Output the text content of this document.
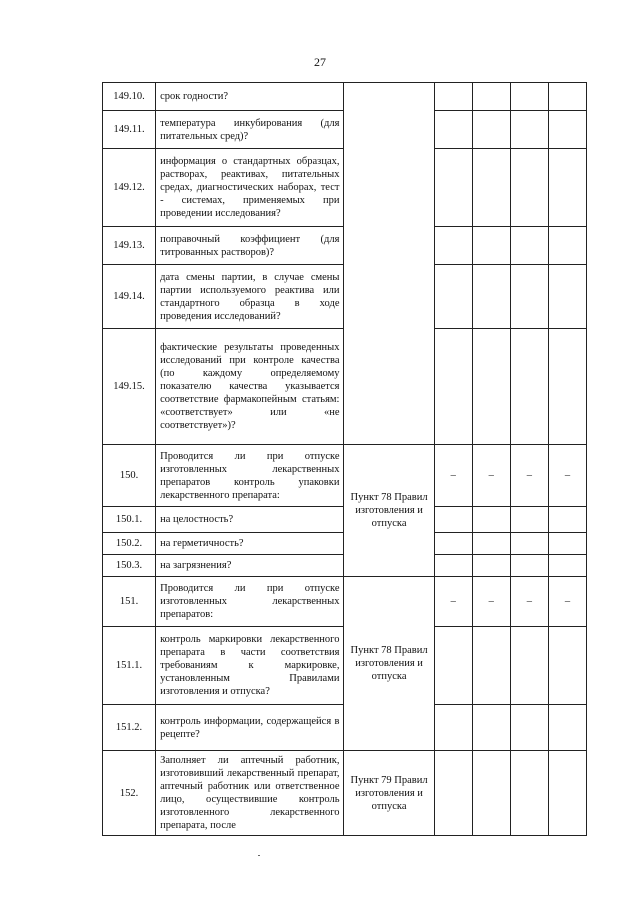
27
149.10.	срок годности?					
149.11.	температура инкубирования (для питательных сред)?					
149.12.	информация о стандартных образцах, растворах, реактивах, питательных средах, диагностических наборах, тест - системах, применяемых при проведении исследования?					
149.13.	поправочный коэффициент (для титрованных растворов)?					
149.14.	дата смены партии, в случае смены партии используемого реактива или стандартного образца в ходе проведения исследований?					
149.15.	фактические результаты проведенных исследований при контроле качества (по каждому определяемому показателю качества указывается соответствие фармакопейным статьям: «соответствует» или «не соответствует»)?					
150.	Проводится ли при отпуске изготовленных лекарственных препаратов контроль упаковки лекарственного препарата:	Пункт 78 Правил изготовления и отпуска	–	–	–	–
150.1.	на целостность?					
150.2.	на герметичность?					
150.3.	на загрязнения?					
151.	Проводится ли при отпуске изготовленных лекарственных препаратов:	Пункт 78 Правил изготовления и отпуска	–	–	–	–
151.1.	контроль маркировки лекарственного препарата в части соответствия требованиям к маркировке, установленным Правилами изготовления и отпуска?					
151.2.	контроль информации, содержащейся в рецепте?					
152.	Заполняет ли аптечный работник, изготовивший лекарственный препарат, аптечный работник или ответственное лицо, осуществившие контроль изготовленного лекарственного препарата, после	Пункт 79 Правил изготовления и отпуска				
